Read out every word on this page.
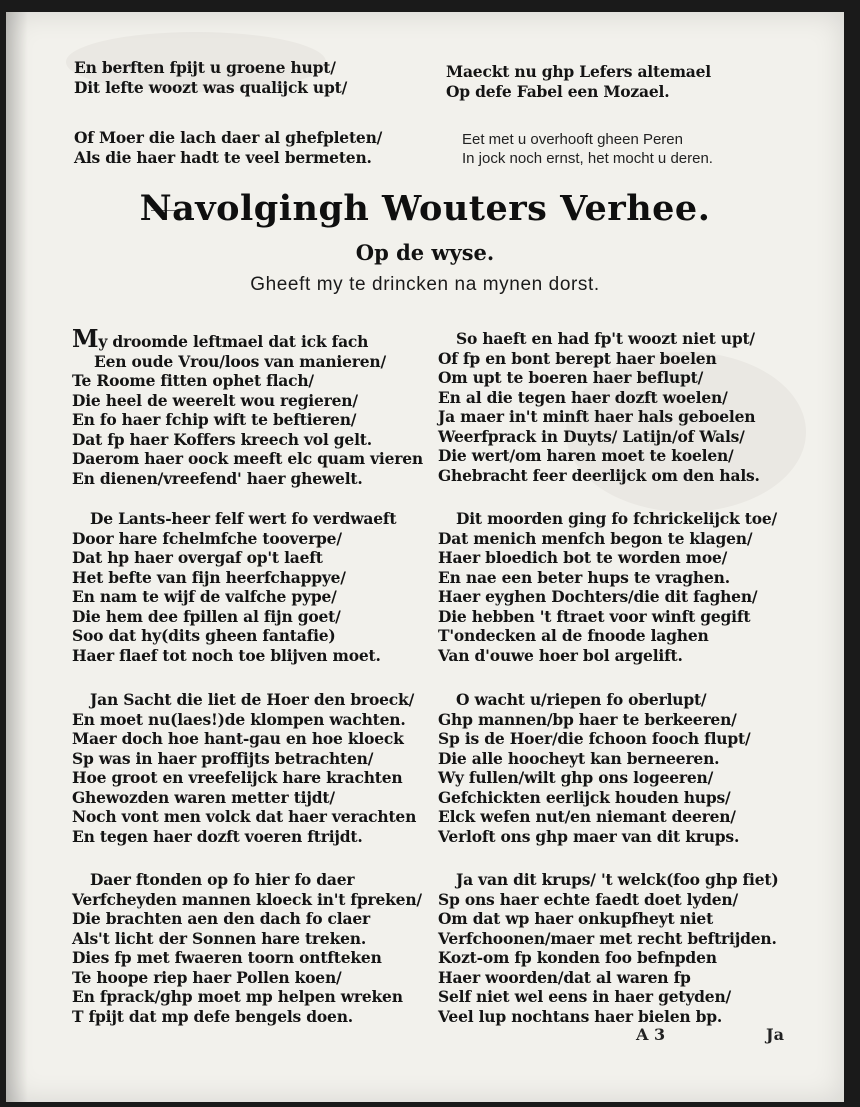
En berften fpijt u groene hupt/
Dit lefte woozt was qualijck upt/
Maeckt nu ghp Lefers altemael
Op defe Fabel een Mozael.
Of Moer die lach daer al ghefpleten/
Als die haer hadt te veel bermeten.
Eet met u overhooft gheen Peren
In jock noch ernst, het mocht u deren.
Navolgingh Wouters Verhee.
Op de wyse.
Gheeft my te drincken na mynen dorst.
My droomde leftmael dat ick fach
Een oude Vrou/loos van manieren/
Te Roome fitten ophet flach/
Die heel de weerelt wou regieren/
En fo haer fchip wift te beftieren/
Dat fp haer Koffers kreech vol gelt.
Daerom haer oock meeft elc quam vieren
En dienen/vreefend' haer ghewelt.
De Lants-heer felf wert fo verdwaeft
Door hare fchelmfche tooverpe/
Dat hp haer overgaf op't laeft
Het befte van fijn heerfchappye/
En nam te wijf de valfche pype/
Die hem dee fpillen al fijn goet/
Soo dat hy(dits gheen fantafie)
Haer flaef tot noch toe blijven moet.
Jan Sacht die liet de Hoer den broeck/
En moet nu(laes!)de klompen wachten.
Maer doch hoe hant-gau en hoe kloeck
Sp was in haer proffijts betrachten/
Hoe groot en vreefelijck hare krachten
Ghewozden waren metter tijdt/
Noch vont men volck dat haer verachten
En tegen haer dozft voeren ftrijdt.
Daer ftonden op fo hier fo daer
Verfcheyden mannen kloeck in't fpreken/
Die brachten aen den dach fo claer
Als't licht der Sonnen hare treken.
Dies fp met fwaeren toorn ontfteken
Te hoope riep haer Pollen koen/
En fprack/ghp moet mp helpen wreken
T fpijt dat mp defe bengels doen.
So haeft en had fp't woozt niet upt/
Of fp en bont berept haer boelen
Om upt te boeren haer beflupt/
En al die tegen haer dozft woelen/
Ja maer in't minft haer hals geboelen
Weerfprack in Duyts/ Latijn/of Wals/
Die wert/om haren moet te koelen/
Ghebracht feer deerlijck om den hals.
Dit moorden ging fo fchrickelijck toe/
Dat menich menfch begon te klagen/
Haer bloedich bot te worden moe/
En nae een beter hups te vraghen.
Haer eyghen Dochters/die dit faghen/
Die hebben 't ftraet voor winft gegift
T'ondecken al de fnoode laghen
Van d'ouwe hoer bol argelift.
O wacht u/riepen fo oberlupt/
Ghp mannen/bp haer te berkeeren/
Sp is de Hoer/die fchoon fooch flupt/
Die alle hoocheyt kan berneeren.
Wy fullen/wilt ghp ons logeeren/
Gefchickten eerlijck houden hups/
Elck wefen nut/en niemant deeren/
Verloft ons ghp maer van dit krups.
Ja van dit krups/ 't welck(foo ghp fiet)
Sp ons haer echte faedt doet lyden/
Om dat wp haer onkupfheyt niet
Verfchoonen/maer met recht beftrijden.
Kozt-om fp konden foo befnpden
Haer woorden/dat al waren fp
Self niet wel eens in haer getyden/
Veel lup nochtans haer bielen bp.
A 3	Ja
